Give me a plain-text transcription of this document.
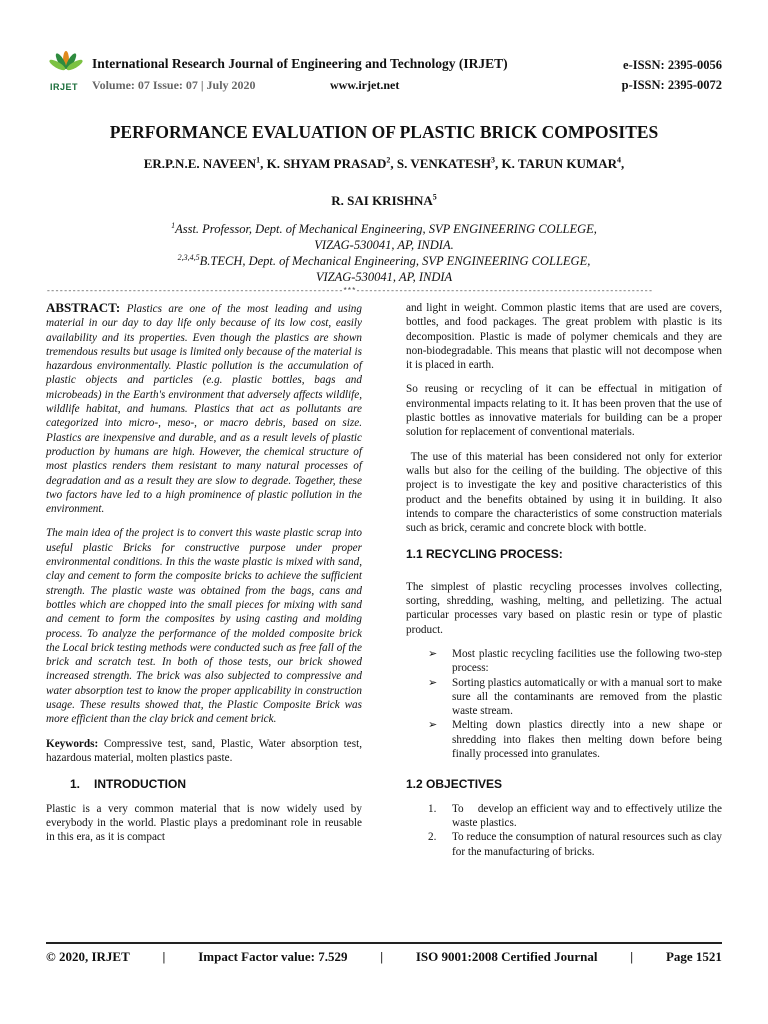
IRJET
International Research Journal of Engineering and Technology (IRJET)
Volume: 07 Issue: 07 | July 2020	www.irjet.net
e-ISSN: 2395-0056
p-ISSN: 2395-0072
PERFORMANCE EVALUATION OF PLASTIC BRICK COMPOSITES
ER.P.N.E. NAVEEN$^1$, K. SHYAM PRASAD$^2$, S. VENKATESH$^3$, K. TARUN KUMAR$^4$,
R. SAI KRISHNA$^5$
$^1$Asst. Professor, Dept. of Mechanical Engineering, SVP ENGINEERING COLLEGE,
VIZAG-530041, AP, INDIA.
$^{2,3,4,5}$B.TECH, Dept. of Mechanical Engineering, SVP ENGINEERING COLLEGE,
VIZAG-530041, AP, INDIA
---------------------------------------------------------------------***---------------------------------------------------------------------

ABSTRACT: Plastics are one of the most leading and using material in our day to day life only because of its low cost, easily availability and its properties. Even though the plastics are shown tremendous results but usage is limited only because of the material is hazardous environmentally. Plastic pollution is the accumulation of plastic objects and particles (e.g. plastic bottles, bags and microbeads) in the Earth's environment that adversely affects wildlife, wildlife habitat, and humans. Plastics that act as pollutants are categorized into micro-, meso-, or macro debris, based on size. Plastics are inexpensive and durable, and as a result levels of plastic production by humans are high. However, the chemical structure of most plastics renders them resistant to many natural processes of degradation and as a result they are slow to degrade. Together, these two factors have led to a high prominence of plastic pollution in the environment.

The main idea of the project is to convert this waste plastic scrap into useful plastic Bricks for constructive purpose under proper environmental conditions. In this the waste plastic is mixed with sand, clay and cement to form the composite bricks to achieve the sufficient strength. The plastic waste was obtained from the bags, cans and bottles which are chopped into the small pieces for mixing with sand and cement to form the composites by using casting and molding process. To analyze the performance of the molded composite brick the Local brick testing methods were conducted such as free fall of the brick and scratch test. In both of those tests, our brick showed increased strength. The brick was also subjected to compressive and water absorption test to know the proper applicability in construction usage. These results showed that, the Plastic Composite Brick was more efficient than the clay brick and cement brick.

Keywords: Compressive test, sand, Plastic, Water absorption test, hazardous material, molten plastics paste.

1. INTRODUCTION

Plastic is a very common material that is now widely used by everybody in the world. Plastic plays a predominant role in reusable in this era, as it is compact

and light in weight. Common plastic items that are used are covers, bottles, and food packages. The great problem with plastic is its decomposition. Plastic is made of polymer chemicals and they are non-biodegradable. This means that plastic will not decompose when it is placed in earth.

So reusing or recycling of it can be effectual in mitigation of environmental impacts relating to it. It has been proven that the use of plastic bottles as innovative materials for building can be a proper solution for replacement of conventional materials.

The use of this material has been considered not only for exterior walls but also for the ceiling of the building. The objective of this project is to investigate the key and positive characteristics of this product and the benefits obtained by using it in building. It also intends to compare the characteristics of some construction materials such as brick, ceramic and concrete block with bottle.

1.1 RECYCLING PROCESS:

The simplest of plastic recycling processes involves collecting, sorting, shredding, washing, melting, and pelletizing. The actual particular processes vary based on plastic resin or type of plastic product.

➢ Most plastic recycling facilities use the following two-step process:
➢ Sorting plastics automatically or with a manual sort to make sure all the contaminants are removed from the plastic waste stream.
➢ Melting down plastics directly into a new shape or shredding into flakes then melting down before being finally processed into granulates.
1.2 OBJECTIVES
1. To    develop an efficient way and to effectively utilize the waste plastics.
2. To reduce the consumption of natural resources such as clay for the manufacturing of bricks.
© 2020, IRJET	|	Impact Factor value: 7.529	|	ISO 9001:2008 Certified Journal	|	Page 1521
